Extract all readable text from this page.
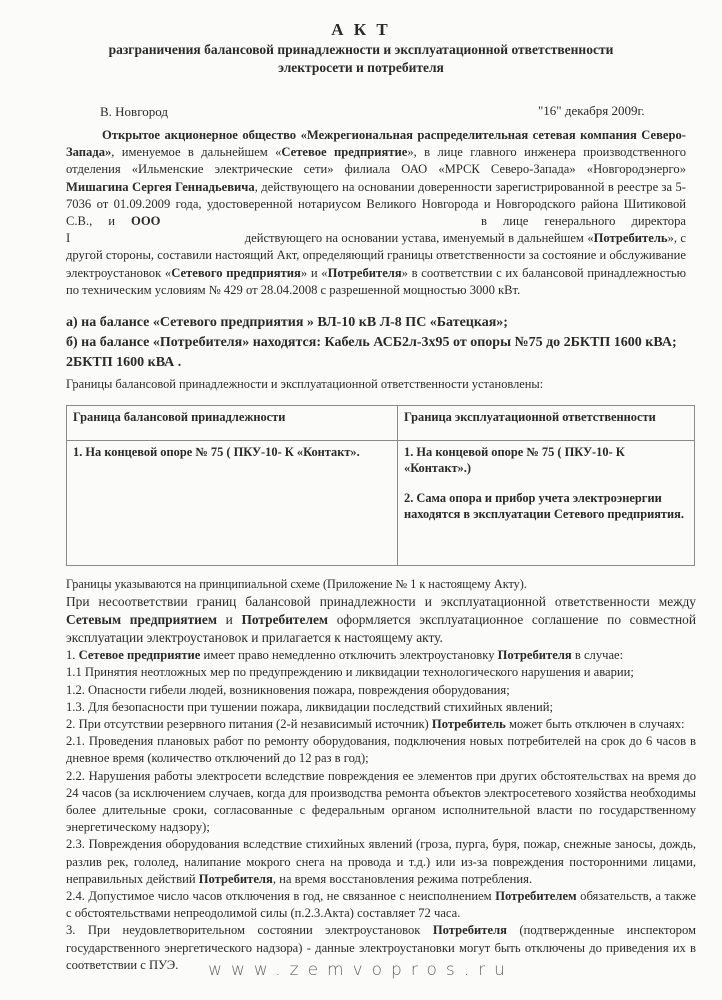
А К Т
разграничения балансовой принадлежности и эксплуатационной ответственности
электросети и потребителя
В. Новгород	"16" декабря 2009г.
Открытое акционерное общество «Межрегиональная распределительная сетевая компания Северо-Запада», именуемое в дальнейшем «Сетевое предприятие», в лице главного инженера производственного отделения «Ильменские электрические сети» филиала ОАО «МРСК Северо-Запада» «Новгородэнерго» Мишагина Сергея Геннадьевича, действующего на основании доверенности зарегистрированной в реестре за 5-7036 от 01.09.2009 года, удостоверенной нотариусом Великого Новгорода и Новгородского района Шитиковой С.В., и ООО                    в лице генерального директора I                                                   действующего на основании устава, именуемый в дальнейшем «Потребитель», с другой стороны, составили настоящий Акт, определяющий границы ответственности за состояние и обслуживание электроустановок «Сетевого предприятия» и «Потребителя» в соответствии с их балансовой принадлежностью по техническим условиям № 429 от 28.04.2008 с разрешенной мощностью 3000 кВт.
а) на балансе «Сетевого предприятия » ВЛ-10 кВ Л-8 ПС «Батецкая»;
б) на балансе «Потребителя» находятся: Кабель АСБ2л-3х95 от опоры №75 до 2БКТП 1600 кВА; 2БКТП 1600 кВА .
Границы балансовой принадлежности и эксплуатационной ответственности установлены:
Граница балансовой принадлежности	Граница эксплуатационной ответственности
1. На концевой опоре № 75 ( ПКУ-10- К «Контакт».	1. На концевой опоре № 75 ( ПКУ-10- К «Контакт».)
2. Сама опора и прибор учета электроэнергии находятся в эксплуатации Сетевого предприятия.

Границы указываются на принципиальной схеме (Приложение № 1 к настоящему Акту).

При несоответствии границ балансовой принадлежности и эксплуатационной ответственности между Сетевым предприятием и Потребителем оформляется эксплуатационное соглашение по совместной эксплуатации электроустановок и прилагается к настоящему акту.

1. Сетевое предприятие имеет право немедленно отключить электроустановку Потребителя в случае:

1.1 Принятия неотложных мер по предупреждению и ликвидации технологического нарушения и аварии;

1.2. Опасности гибели людей, возникновения пожара, повреждения оборудования;

1.3. Для безопасности при тушении пожара, ликвидации последствий стихийных явлений;

2. При отсутствии резервного питания (2-й независимый источник) Потребитель может быть отключен в случаях:

2.1. Проведения плановых работ по ремонту оборудования, подключения новых потребителей на срок до 6 часов в дневное время (количество отключений до 12 раз в год);

2.2. Нарушения работы электросети вследствие повреждения ее элементов при других обстоятельствах на время до 24 часов (за исключением случаев, когда для производства ремонта объектов электросетевого хозяйства необходимы более длительные сроки, согласованные с федеральным органом исполнительной власти по государственному энергетическому надзору);

2.3. Повреждения оборудования вследствие стихийных явлений (гроза, пурга, буря, пожар, снежные заносы, дождь, разлив рек, гололед, налипание мокрого снега на провода и т.д.) или из-за повреждения посторонними лицами, неправильных действий Потребителя, на время восстановления режима потребления.

2.4. Допустимое число часов отключения в год, не связанное с неисполнением Потребителем обязательств, а также с обстоятельствами непреодолимой силы (п.2.3.Акта) составляет 72 часа.

3. При неудовлетворительном состоянии электроустановок Потребителя (подтвержденные инспектором государственного энергетического надзора) - данные электроустановки могут быть отключены до приведения их в соответствии с ПУЭ.	www.zemvopros.ru
